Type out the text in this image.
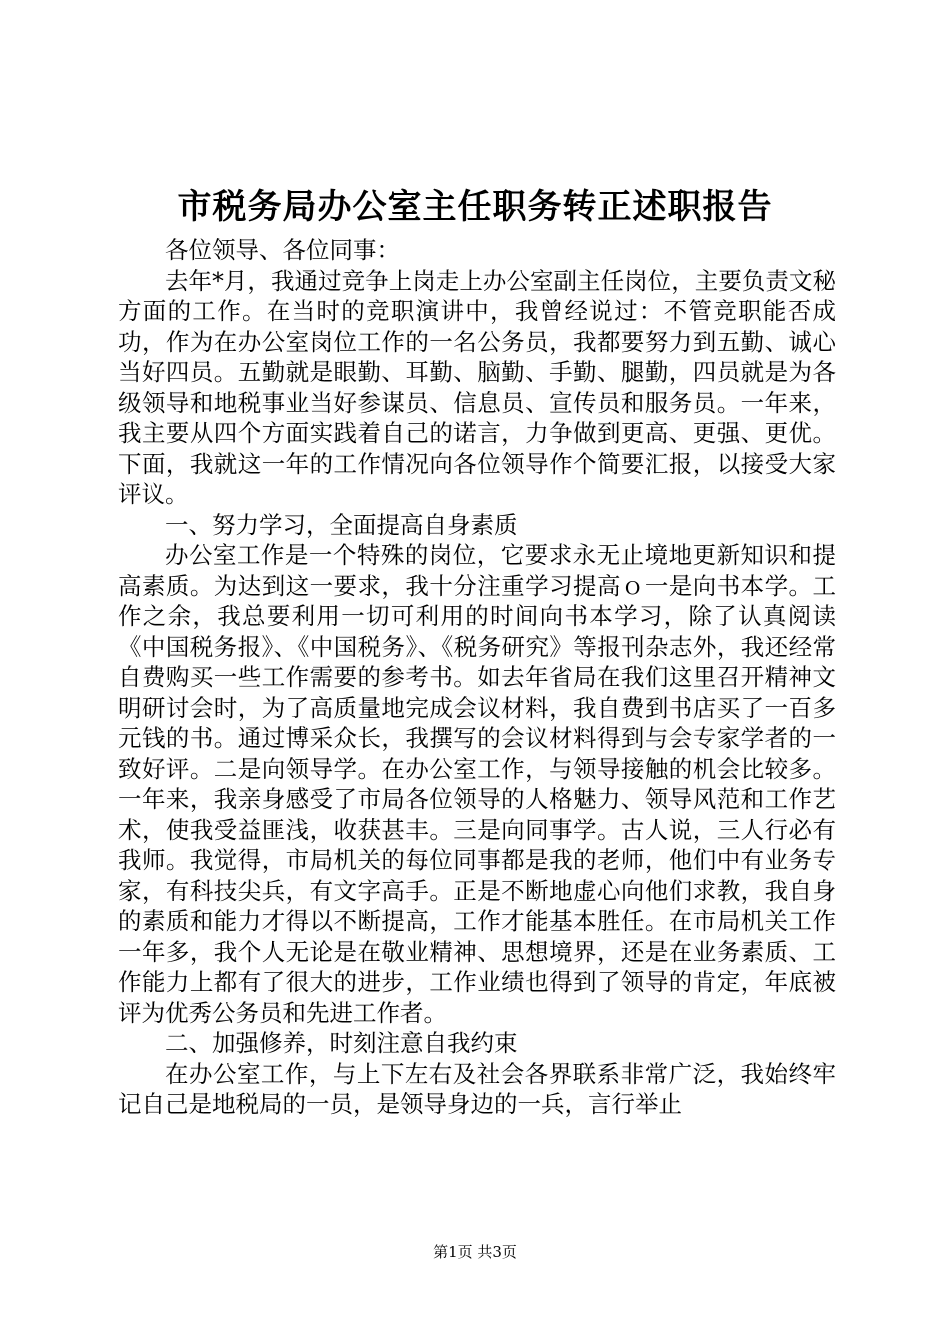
市税务局办公室主任职务转正述职报告

各位领导、各位同事：

去年*月，我通过竞争上岗走上办公室副主任岗位，主要负责文秘方面的工作。在当时的竞职演讲中，我曾经说过：不管竞职能否成功，作为在办公室岗位工作的一名公务员，我都要努力到五勤、诚心当好四员。五勤就是眼勤、耳勤、脑勤、手勤、腿勤，四员就是为各级领导和地税事业当好参谋员、信息员、宣传员和服务员。一年来，我主要从四个方面实践着自己的诺言，力争做到更高、更强、更优。下面，我就这一年的工作情况向各位领导作个简要汇报，以接受大家评议。

一、努力学习，全面提高自身素质

办公室工作是一个特殊的岗位，它要求永无止境地更新知识和提高素质。为达到这一要求，我十分注重学习提高ｏ一是向书本学。工作之余，我总要利用一切可利用的时间向书本学习，除了认真阅读《中国税务报》、《中国税务》、《税务研究》等报刊杂志外，我还经常自费购买一些工作需要的参考书。如去年省局在我们这里召开精神文明研讨会时，为了高质量地完成会议材料，我自费到书店买了一百多元钱的书。通过博采众长，我撰写的会议材料得到与会专家学者的一致好评。二是向领导学。在办公室工作，与领导接触的机会比较多。一年来，我亲身感受了市局各位领导的人格魅力、领导风范和工作艺术，使我受益匪浅，收获甚丰。三是向同事学。古人说，三人行必有我师。我觉得，市局机关的每位同事都是我的老师，他们中有业务专家，有科技尖兵，有文字高手。正是不断地虚心向他们求教，我自身的素质和能力才得以不断提高，工作才能基本胜任。在市局机关工作一年多，我个人无论是在敬业精神、思想境界，还是在业务素质、工作能力上都有了很大的进步，工作业绩也得到了领导的肯定，年底被评为优秀公务员和先进工作者。

二、加强修养，时刻注意自我约束

在办公室工作，与上下左右及社会各界联系非常广泛，我始终牢记自己是地税局的一员，是领导身边的一兵，言行举止

第1页 共3页
